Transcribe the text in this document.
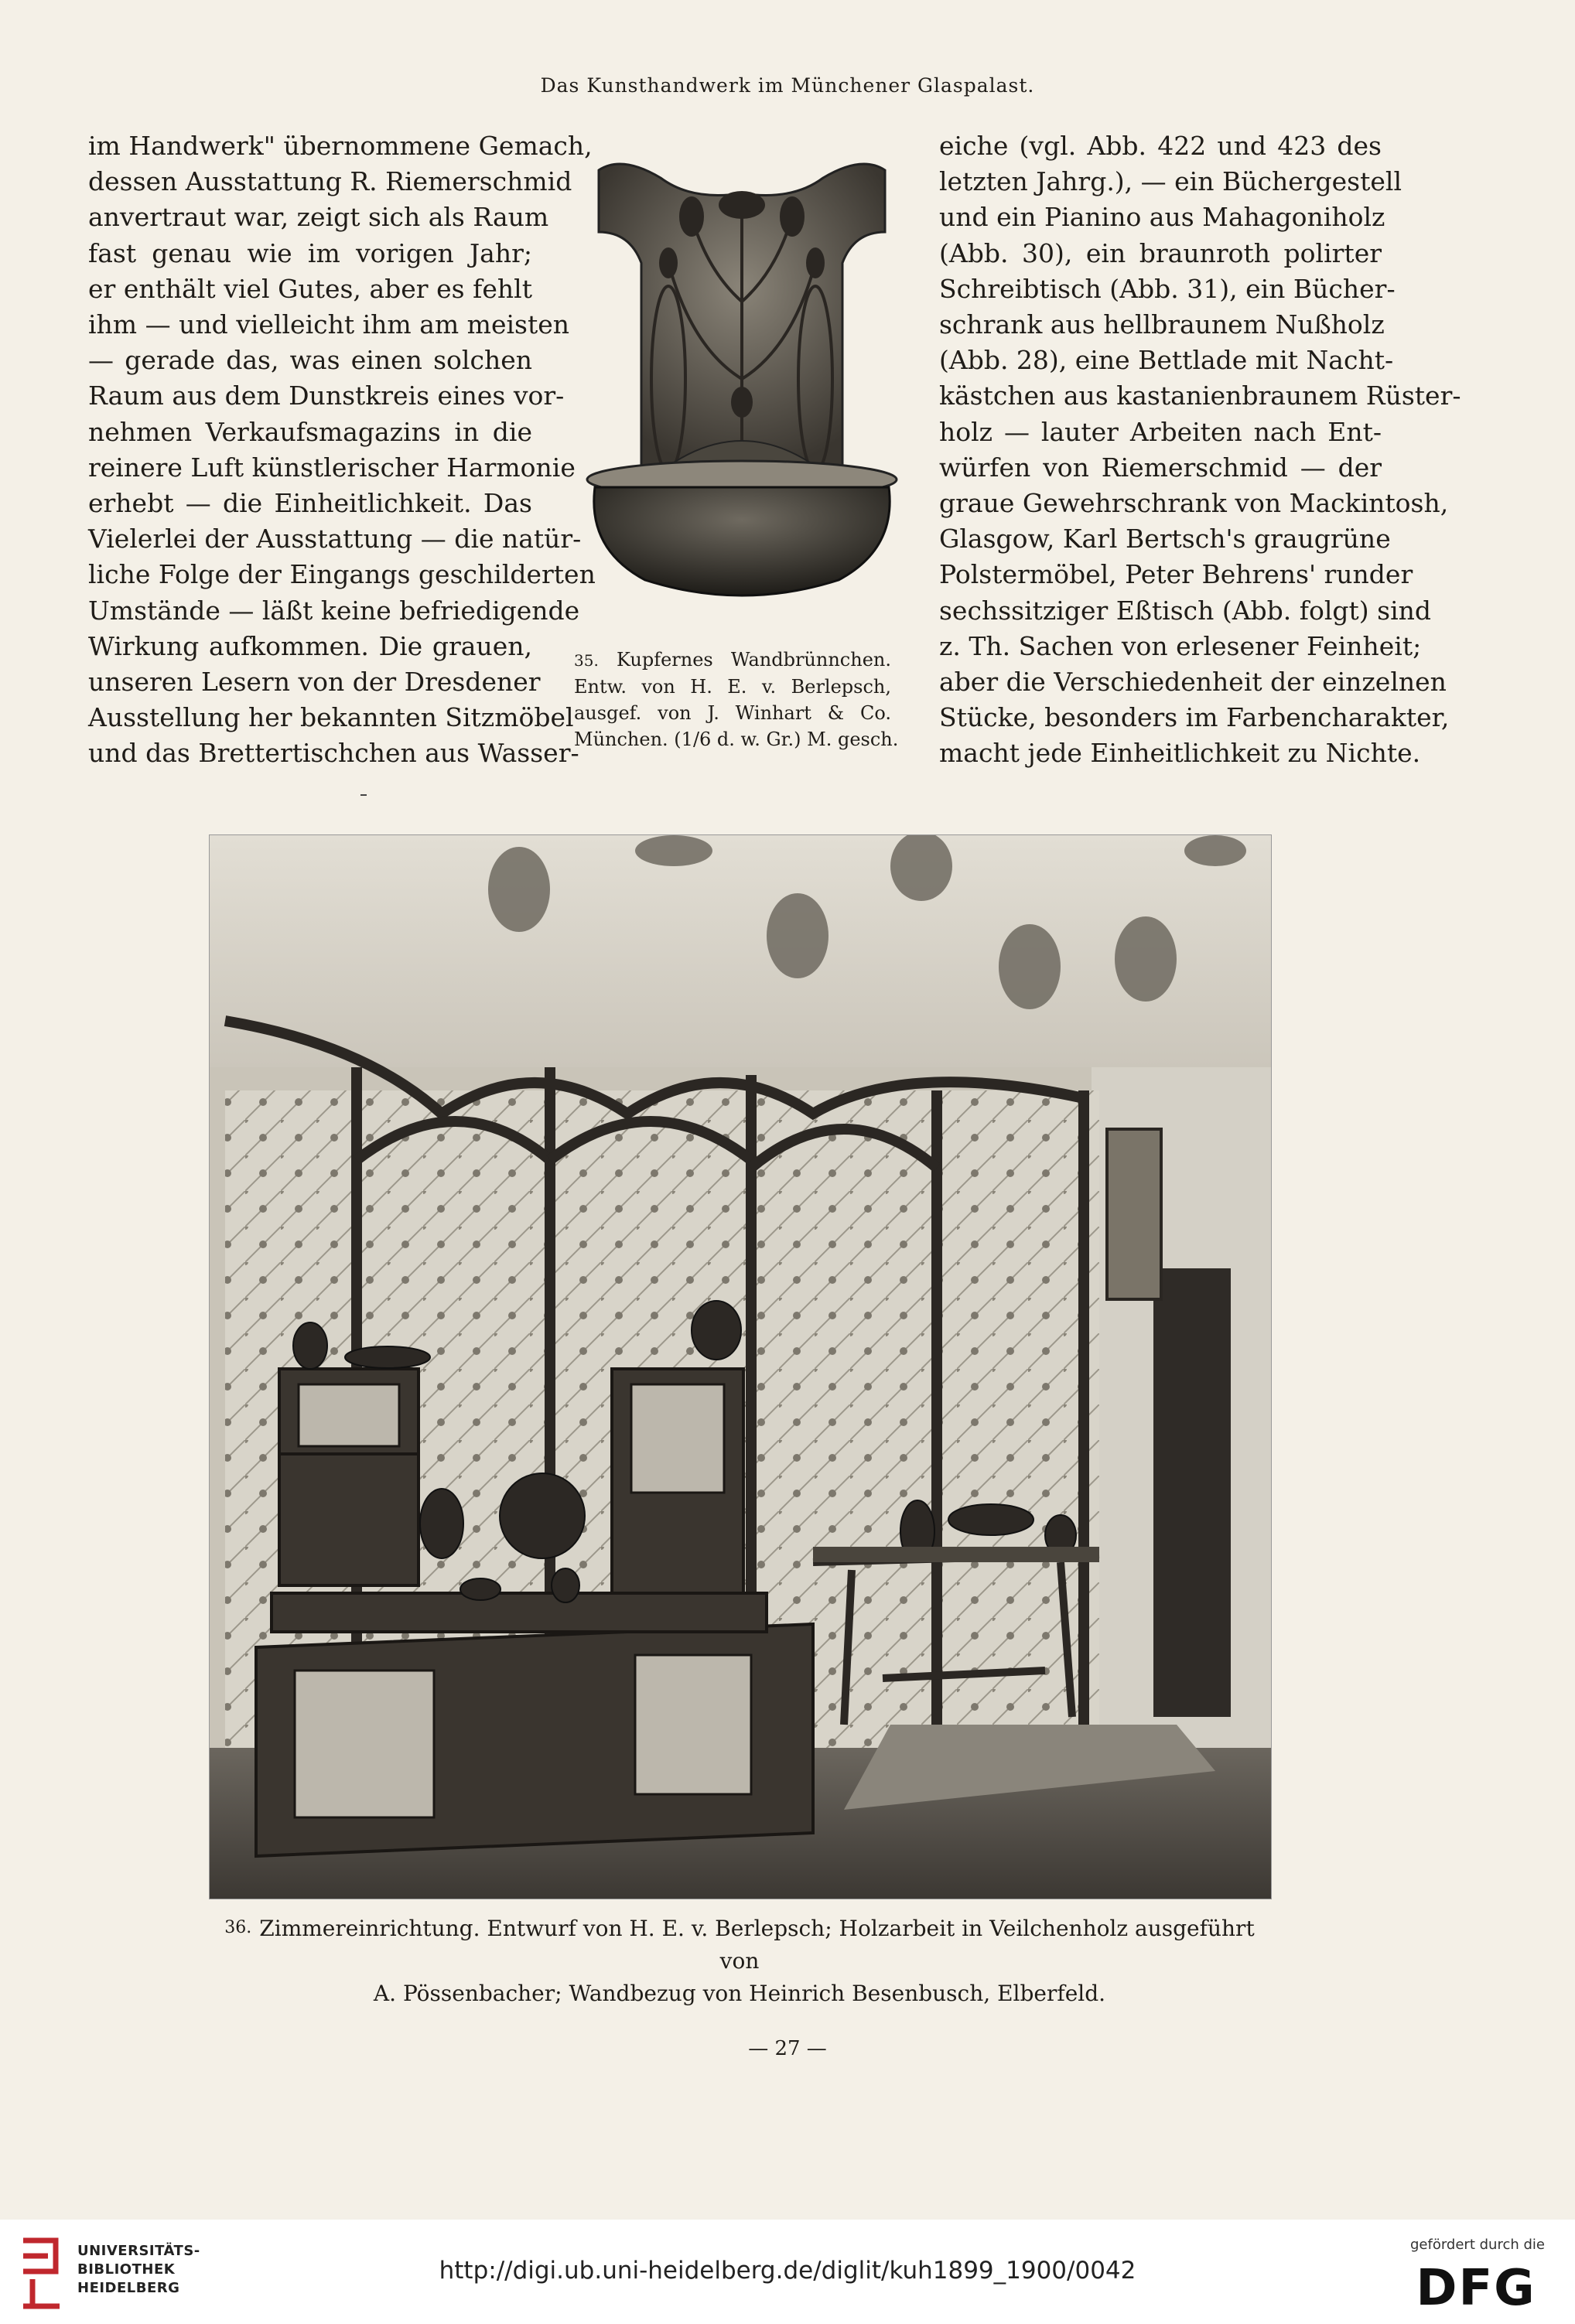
Das Kunsthandwerk im Münchener Glaspalast.
im Handwerk" übernommene Gemach,
dessen Ausstattung R. Riemerschmid
anvertraut war, zeigt sich als Raum
fast genau wie im vorigen Jahr;
er enthält viel Gutes, aber es fehlt
ihm — und vielleicht ihm am meisten
— gerade das, was einen solchen
Raum aus dem Dunstkreis eines vor-
nehmen Verkaufsmagazins in die
reinere Luft künstlerischer Harmonie
erhebt — die Einheitlichkeit. Das
Vielerlei der Ausstattung — die natür-
liche Folge der Eingangs geschilderten
Umstände — läßt keine befriedigende
Wirkung aufkommen. Die grauen,
unseren Lesern von der Dresdener
Ausstellung her bekannten Sitzmöbel
und das Brettertischchen aus Wasser-
eiche (vgl. Abb. 422 und 423 des
letzten Jahrg.), — ein Büchergestell
und ein Pianino aus Mahagoniholz
(Abb. 30), ein braunroth polirter
Schreibtisch (Abb. 31), ein Bücher-
schrank aus hellbraunem Nußholz
(Abb. 28), eine Bettlade mit Nacht-
kästchen aus kastanienbraunem Rüster-
holz — lauter Arbeiten nach Ent-
würfen von Riemerschmid — der
graue Gewehrschrank von Mackintosh,
Glasgow, Karl Bertsch's graugrüne
Polstermöbel, Peter Behrens' runder
sechssitziger Eßtisch (Abb. folgt) sind
z. Th. Sachen von erlesener Feinheit;
aber die Verschiedenheit der einzelnen
Stücke, besonders im Farbencharakter,
macht jede Einheitlichkeit zu Nichte.
35. Kupfernes Wandbrünnchen.
Entw. von H. E. v. Berlepsch,
ausgef. von J. Winhart & Co.
München. (1/6 d. w. Gr.) M. gesch.
36. Zimmereinrichtung. Entwurf von H. E. v. Berlepsch; Holzarbeit in Veilchenholz ausgeführt von
A. Pössenbacher; Wandbezug von Heinrich Besenbusch, Elberfeld.
— 27 —
UNIVERSITÄTS-
BIBLIOTHEK
HEIDELBERG
http://digi.ub.uni-heidelberg.de/diglit/kuh1899_1900/0042
gefördert durch die
DFG
